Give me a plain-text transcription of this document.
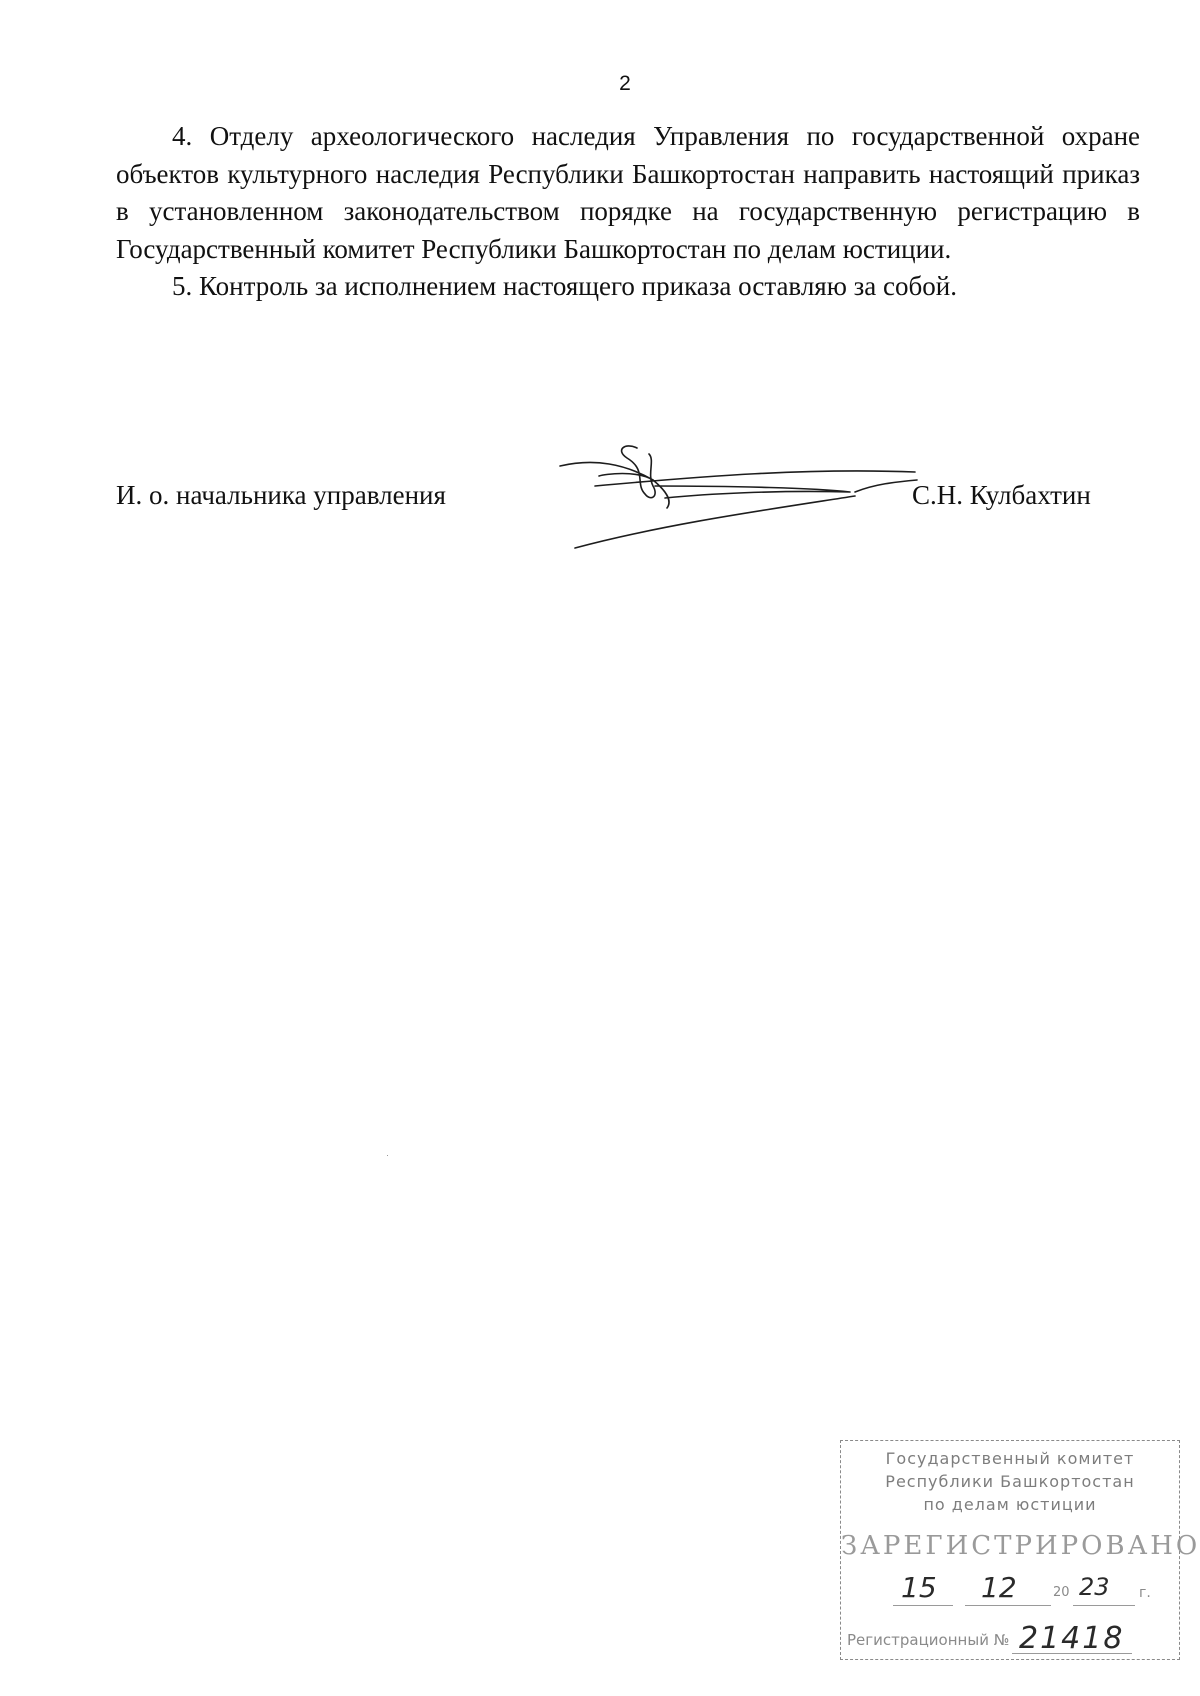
2

4. Отделу археологического наследия Управления по государственной охране объектов культурного наследия Республики Башкортостан направить настоящий приказ в установленном законодательством порядке на государственную регистрацию в Государственный комитет Республики Башкортостан по делам юстиции.

5. Контроль за исполнением настоящего приказа оставляю за собой.

И. о. начальника управления	С.Н. Кулбахтин
Государственный комитет
Республики Башкортостан
по делам юстиции
ЗАРЕГИСТРИРОВАНО
15 12	20 23 г.
Регистрационный № 21418
